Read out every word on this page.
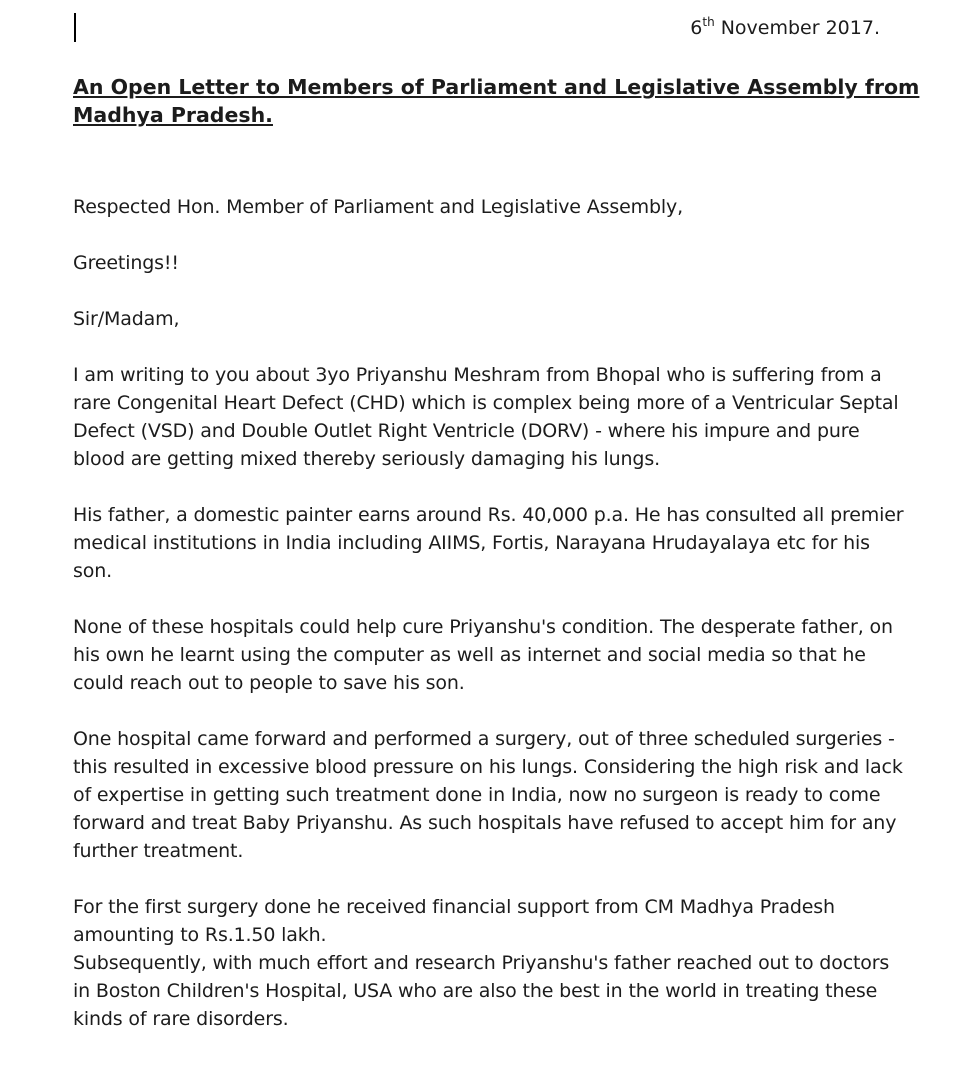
6th November 2017.
An Open Letter to Members of Parliament and Legislative Assembly from
Madhya Pradesh.

Respected Hon. Member of Parliament and Legislative Assembly,

Greetings!!

Sir/Madam,

I am writing to you about 3yo Priyanshu Meshram from Bhopal who is suffering from a
rare Congenital Heart Defect (CHD) which is complex being more of a Ventricular Septal
Defect (VSD) and Double Outlet Right Ventricle (DORV) - where his impure and pure
blood are getting mixed thereby seriously damaging his lungs.

His father, a domestic painter earns around Rs. 40,000 p.a. He has consulted all premier
medical institutions in India including AIIMS, Fortis, Narayana Hrudayalaya etc for his
son.

None of these hospitals could help cure Priyanshu's condition. The desperate father, on
his own he learnt using the computer as well as internet and social media so that he
could reach out to people to save his son.

One hospital came forward and performed a surgery, out of three scheduled surgeries -
this resulted in excessive blood pressure on his lungs. Considering the high risk and lack
of expertise in getting such treatment done in India, now no surgeon is ready to come
forward and treat Baby Priyanshu. As such hospitals have refused to accept him for any
further treatment.

For the first surgery done he received financial support from CM Madhya Pradesh
amounting to Rs.1.50 lakh.

Subsequently, with much effort and research Priyanshu's father reached out to doctors
in Boston Children's Hospital, USA who are also the best in the world in treating these
kinds of rare disorders.
